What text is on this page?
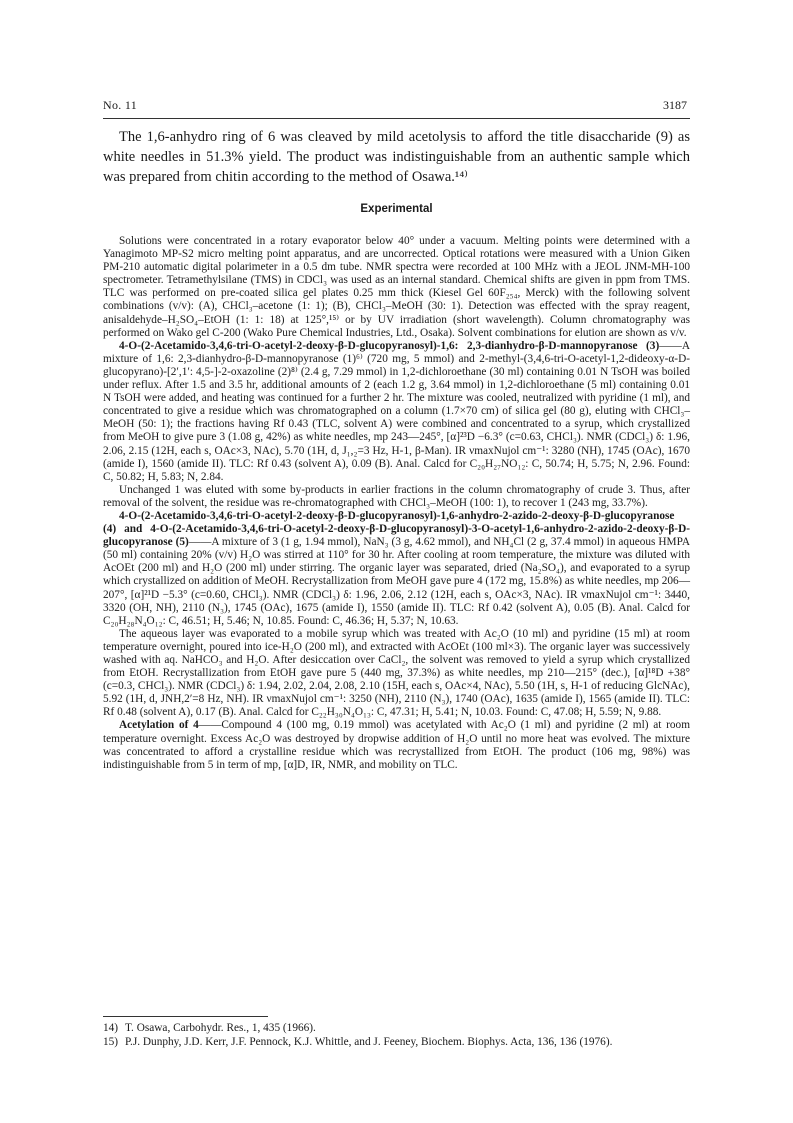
No. 11	3187

The 1,6-anhydro ring of 6 was cleaved by mild acetolysis to afford the title disaccharide (9) as white needles in 51.3% yield. The product was indistinguishable from an authentic sample which was prepared from chitin according to the method of Osawa.¹⁴⁾

Experimental

Solutions were concentrated in a rotary evaporator below 40° under a vacuum. Melting points were determined with a Yanagimoto MP-S2 micro melting point apparatus, and are uncorrected. Optical rotations were measured with a Union Giken PM-210 automatic digital polarimeter in a 0.5 dm tube. NMR spectra were recorded at 100 MHz with a JEOL JNM-MH-100 spectrometer. Tetramethylsilane (TMS) in CDCl₃ was used as an internal standard. Chemical shifts are given in ppm from TMS. TLC was performed on pre-coated silica gel plates 0.25 mm thick (Kiesel Gel 60F₂₅₄, Merck) with the following solvent combinations (v/v): (A), CHCl₃–acetone (1: 1); (B), CHCl₃–MeOH (30: 1). Detection was effected with the spray reagent, anisaldehyde–H₂SO₄–EtOH (1: 1: 18) at 125°,¹⁵⁾ or by UV irradiation (short wavelength). Column chromatography was performed on Wako gel C-200 (Wako Pure Chemical Industries, Ltd., Osaka). Solvent combinations for elution are shown as v/v.

4-O-(2-Acetamido-3,4,6-tri-O-acetyl-2-deoxy-β-D-glucopyranosyl)-1,6: 2,3-dianhydro-β-D-mannopyranose (3)——A mixture of 1,6: 2,3-dianhydro-β-D-mannopyranose (1)⁶⁾ (720 mg, 5 mmol) and 2-methyl-(3,4,6-tri-O-acetyl-1,2-dideoxy-α-D-glucopyrano)-[2′,1′: 4,5-]-2-oxazoline (2)⁸⁾ (2.4 g, 7.29 mmol) in 1,2-dichloroethane (30 ml) containing 0.01 N TsOH was boiled under reflux. After 1.5 and 3.5 hr, additional amounts of 2 (each 1.2 g, 3.64 mmol) in 1,2-dichloroethane (5 ml) containing 0.01 N TsOH were added, and heating was continued for a further 2 hr. The mixture was cooled, neutralized with pyridine (1 ml), and concentrated to give a residue which was chromatographed on a column (1.7×70 cm) of silica gel (80 g), eluting with CHCl₃–MeOH (50: 1); the fractions having Rf 0.43 (TLC, solvent A) were combined and concentrated to a syrup, which crystallized from MeOH to give pure 3 (1.08 g, 42%) as white needles, mp 243—245°, [α]²³D −6.3° (c=0.63, CHCl₃). NMR (CDCl₃) δ: 1.96, 2.06, 2.15 (12H, each s, OAc×3, NAc), 5.70 (1H, d, J₁,₂=3 Hz, H-1, β-Man). IR νmaxNujol cm⁻¹: 3280 (NH), 1745 (OAc), 1670 (amide I), 1560 (amide II). TLC: Rf 0.43 (solvent A), 0.09 (B). Anal. Calcd for C₂₀H₂₇NO₁₂: C, 50.74; H, 5.75; N, 2.96. Found: C, 50.82; H, 5.83; N, 2.84.

Unchanged 1 was eluted with some by-products in earlier fractions in the column chromatography of crude 3. Thus, after removal of the solvent, the residue was re-chromatographed with CHCl₃–MeOH (100: 1), to recover 1 (243 mg, 33.7%).

4-O-(2-Acetamido-3,4,6-tri-O-acetyl-2-deoxy-β-D-glucopyranosyl)-1,6-anhydro-2-azido-2-deoxy-β-D-glucopyranose (4) and 4-O-(2-Acetamido-3,4,6-tri-O-acetyl-2-deoxy-β-D-glucopyranosyl)-3-O-acetyl-1,6-anhydro-2-azido-2-deoxy-β-D-glucopyranose (5)——A mixture of 3 (1 g, 1.94 mmol), NaN₃ (3 g, 4.62 mmol), and NH₄Cl (2 g, 37.4 mmol) in aqueous HMPA (50 ml) containing 20% (v/v) H₂O was stirred at 110° for 30 hr. After cooling at room temperature, the mixture was diluted with AcOEt (200 ml) and H₂O (200 ml) under stirring. The organic layer was separated, dried (Na₂SO₄), and evaporated to a syrup which crystallized on addition of MeOH. Recrystallization from MeOH gave pure 4 (172 mg, 15.8%) as white needles, mp 206—207°, [α]²¹D −5.3° (c=0.60, CHCl₃). NMR (CDCl₃) δ: 1.96, 2.06, 2.12 (12H, each s, OAc×3, NAc). IR νmaxNujol cm⁻¹: 3440, 3320 (OH, NH), 2110 (N₃), 1745 (OAc), 1675 (amide I), 1550 (amide II). TLC: Rf 0.42 (solvent A), 0.05 (B). Anal. Calcd for C₂₀H₂₈N₄O₁₂: C, 46.51; H, 5.46; N, 10.85. Found: C, 46.36; H, 5.37; N, 10.63.

The aqueous layer was evaporated to a mobile syrup which was treated with Ac₂O (10 ml) and pyridine (15 ml) at room temperature overnight, poured into ice-H₂O (200 ml), and extracted with AcOEt (100 ml×3). The organic layer was successively washed with aq. NaHCO₃ and H₂O. After desiccation over CaCl₂, the solvent was removed to yield a syrup which crystallized from EtOH. Recrystallization from EtOH gave pure 5 (440 mg, 37.3%) as white needles, mp 210—215° (dec.), [α]¹⁸D +38° (c=0.3, CHCl₃). NMR (CDCl₃) δ: 1.94, 2.02, 2.04, 2.08, 2.10 (15H, each s, OAc×4, NAc), 5.50 (1H, s, H-1 of reducing GlcNAc), 5.92 (1H, d, JNH,2′=8 Hz, NH). IR νmaxNujol cm⁻¹: 3250 (NH), 2110 (N₃), 1740 (OAc), 1635 (amide I), 1565 (amide II). TLC: Rf 0.48 (solvent A), 0.17 (B). Anal. Calcd for C₂₂H₃₀N₄O₁₃: C, 47.31; H, 5.41; N, 10.03. Found: C, 47.08; H, 5.59; N, 9.88.

Acetylation of 4——Compound 4 (100 mg, 0.19 mmol) was acetylated with Ac₂O (1 ml) and pyridine (2 ml) at room temperature overnight. Excess Ac₂O was destroyed by dropwise addition of H₂O until no more heat was evolved. The mixture was concentrated to afford a crystalline residue which was recrystallized from EtOH. The product (106 mg, 98%) was indistinguishable from 5 in term of mp, [α]D, IR, NMR, and mobility on TLC.

14) T. Osawa, Carbohydr. Res., 1, 435 (1966).
15) P.J. Dunphy, J.D. Kerr, J.F. Pennock, K.J. Whittle, and J. Feeney, Biochem. Biophys. Acta, 136, 136 (1976).
